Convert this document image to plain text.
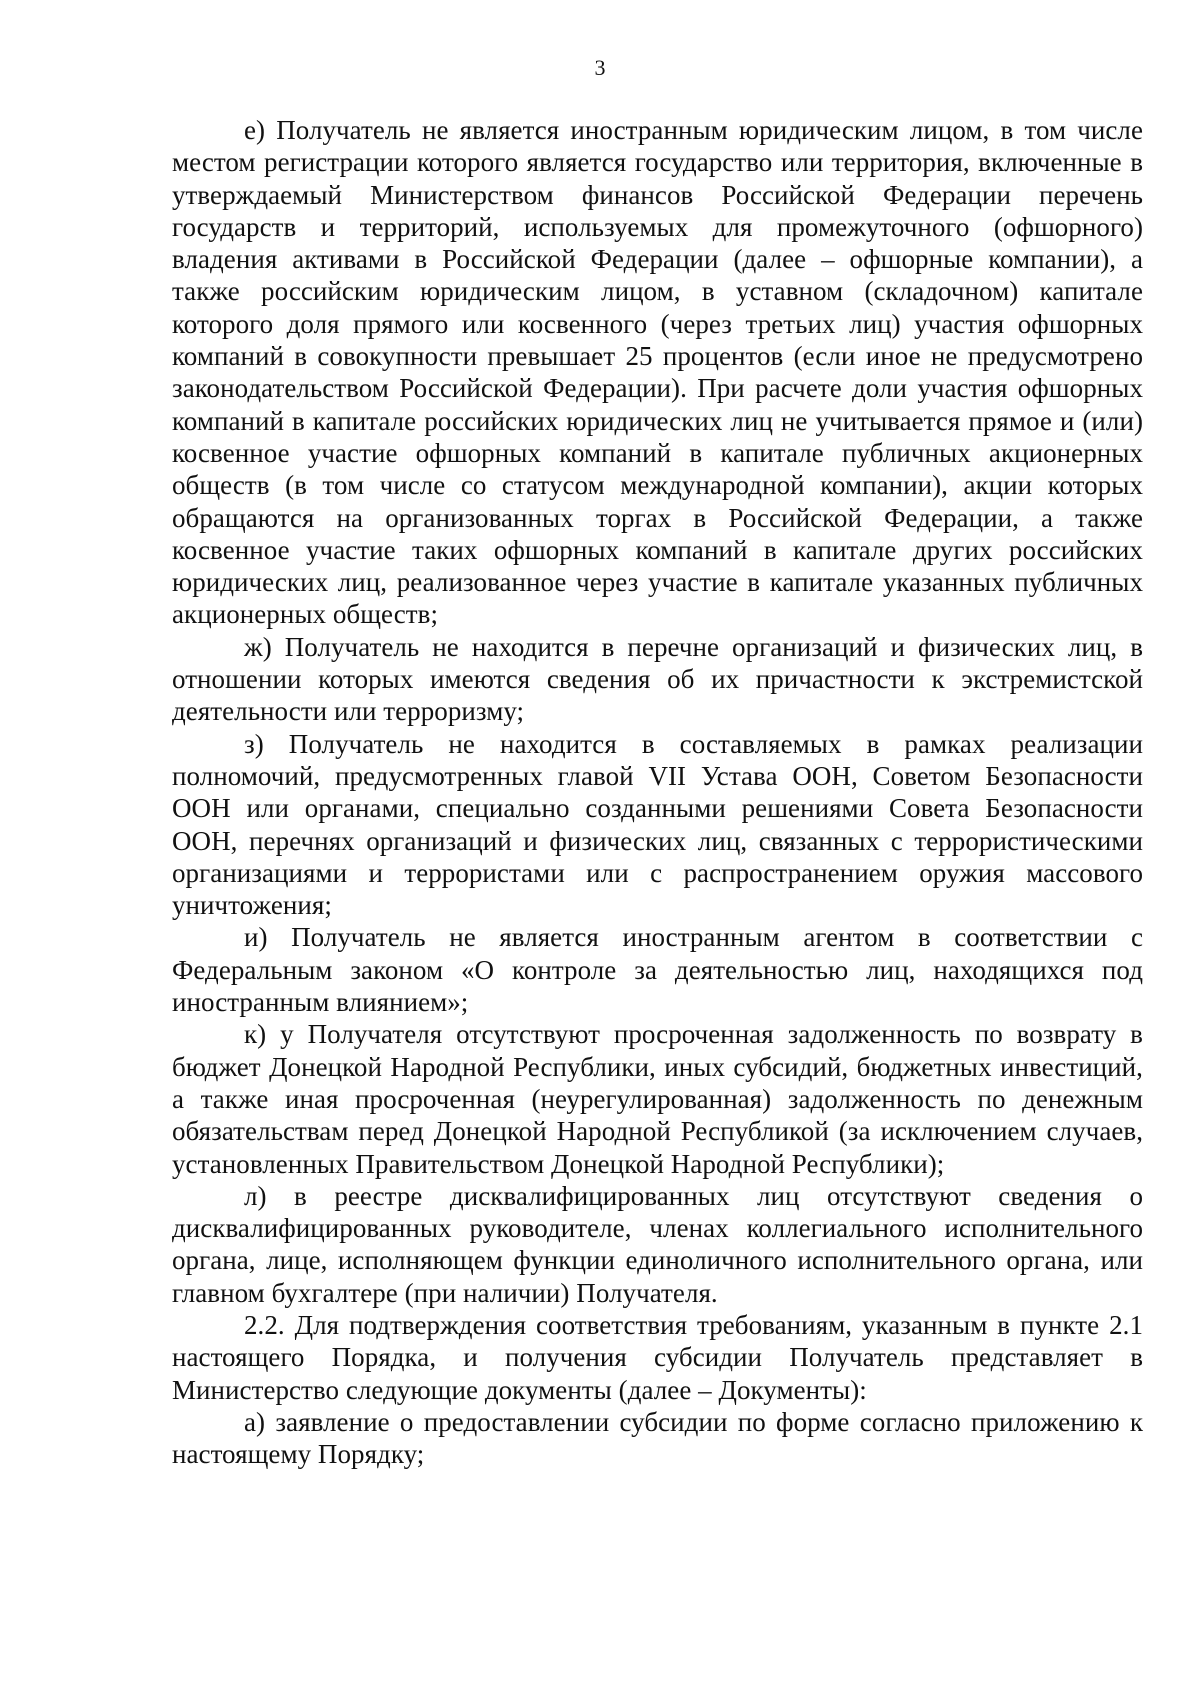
3

е) Получатель не является иностранным юридическим лицом, в том числе местом регистрации которого является государство или территория, включенные в утверждаемый Министерством финансов Российской Федерации перечень государств и территорий, используемых для промежуточного (офшорного) владения активами в Российской Федерации (далее – офшорные компании), а также российским юридическим лицом, в уставном (складочном) капитале которого доля прямого или косвенного (через третьих лиц) участия офшорных компаний в совокупности превышает 25 процентов (если иное не предусмотрено законодательством Российской Федерации). При расчете доли участия офшорных компаний в капитале российских юридических лиц не учитывается прямое и (или) косвенное участие офшорных компаний в капитале публичных акционерных обществ (в том числе со статусом международной компании), акции которых обращаются на организованных торгах в Российской Федерации, а также косвенное участие таких офшорных компаний в капитале других российских юридических лиц, реализованное через участие в капитале указанных публичных акционерных обществ;

ж) Получатель не находится в перечне организаций и физических лиц, в отношении которых имеются сведения об их причастности к экстремистской деятельности или терроризму;

з) Получатель не находится в составляемых в рамках реализации полномочий, предусмотренных главой VII Устава ООН, Советом Безопасности ООН или органами, специально созданными решениями Совета Безопасности ООН, перечнях организаций и физических лиц, связанных с террористическими организациями и террористами или с распространением оружия массового уничтожения;

и) Получатель не является иностранным агентом в соответствии с Федеральным законом «О контроле за деятельностью лиц, находящихся под иностранным влиянием»;

к) у Получателя отсутствуют просроченная задолженность по возврату в бюджет Донецкой Народной Республики, иных субсидий, бюджетных инвестиций, а также иная просроченная (неурегулированная) задолженность по денежным обязательствам перед Донецкой Народной Республикой (за исключением случаев, установленных Правительством Донецкой Народной Республики);

л) в реестре дисквалифицированных лиц отсутствуют сведения о дисквалифицированных руководителе, членах коллегиального исполнительного органа, лице, исполняющем функции единоличного исполнительного органа, или главном бухгалтере (при наличии) Получателя.

2.2. Для подтверждения соответствия требованиям, указанным в пункте 2.1 настоящего Порядка, и получения субсидии Получатель представляет в Министерство следующие документы (далее – Документы):

а) заявление о предоставлении субсидии по форме согласно приложению к настоящему Порядку;
